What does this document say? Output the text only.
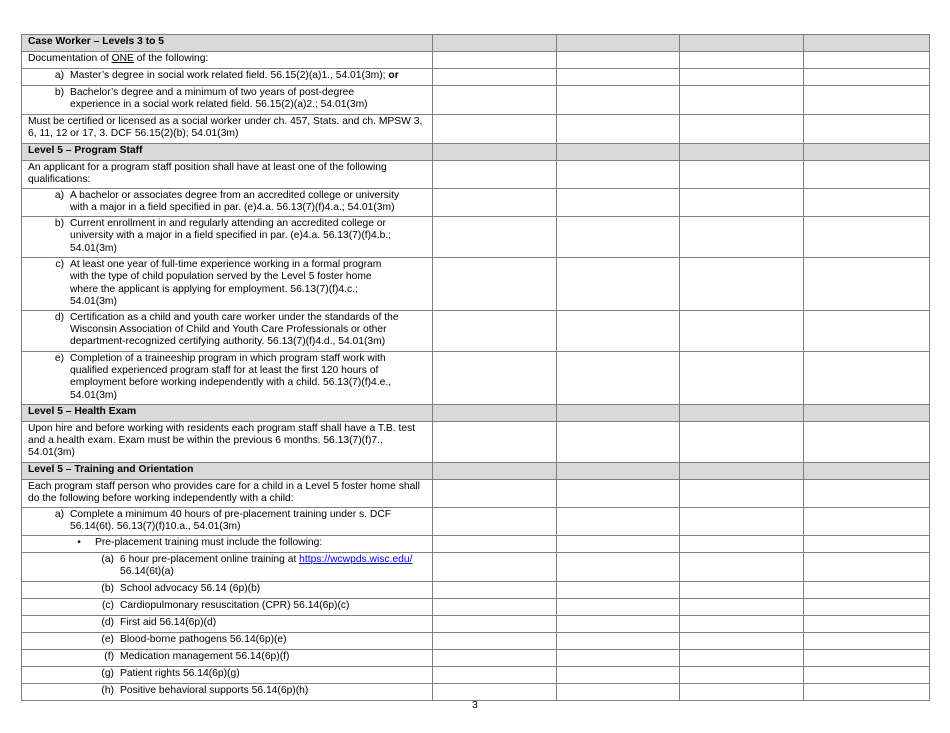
Case Worker – Levels 3 to 5				
Documentation of ONE of the following:				
a) Master’s degree in social work related field. 56.15(2)(a)1., 54.01(3m); or				
b) Bachelor’s degree and a minimum of two years of post-degree experience in a social work related field. 56.15(2)(a)2.; 54.01(3m)				
Must be certified or licensed as a social worker under ch. 457, Stats. and ch. MPSW 3, 6, 11, 12 or 17, 3. DCF 56.15(2)(b); 54.01(3m)				
Level 5 – Program Staff				
An applicant for a program staff position shall have at least one of the following qualifications:				
a) A bachelor or associates degree from an accredited college or university with a major in a field specified in par. (e)4.a. 56.13(7)(f)4.a.; 54.01(3m)				
b) Current enrollment in and regularly attending an accredited college or university with a major in a field specified in par. (e)4.a. 56.13(7)(f)4.b.; 54.01(3m)				
c) At least one year of full-time experience working in a formal program with the type of child population served by the Level 5 foster home where the applicant is applying for employment. 56.13(7)(f)4.c.; 54.01(3m)				
d) Certification as a child and youth care worker under the standards of the Wisconsin Association of Child and Youth Care Professionals or other department-recognized certifying authority. 56.13(7)(f)4.d., 54.01(3m)				
e) Completion of a traineeship program in which program staff work with qualified experienced program staff for at least the first 120 hours of employment before working independently with a child. 56.13(7)(f)4.e., 54.01(3m)				
Level 5 – Health Exam				
Upon hire and before working with residents each program staff shall have a T.B. test and a health exam. Exam must be within the previous 6 months. 56.13(7)(f)7., 54.01(3m)				
Level 5 – Training and Orientation				
Each program staff person who provides care for a child in a Level 5 foster home shall do the following before working independently with a child:				
a) Complete a minimum 40 hours of pre-placement training under s. DCF 56.14(6t). 56.13(7)(f)10.a., 54.01(3m)				
• Pre-placement training must include the following:				
(a) 6 hour pre-placement online training at https://wcwpds.wisc.edu/
56.14(6t)(a)				

(b) School advocacy 56.14 (6p)(b)				
(c) Cardiopulmonary resuscitation (CPR) 56.14(6p)(c)				
(d) First aid 56.14(6p)(d)				
(e) Blood-borne pathogens 56.14(6p)(e)				
(f) Medication management 56.14(6p)(f)				
(g) Patient rights 56.14(6p)(g)				
(h) Positive behavioral supports 56.14(6p)(h)				
3
